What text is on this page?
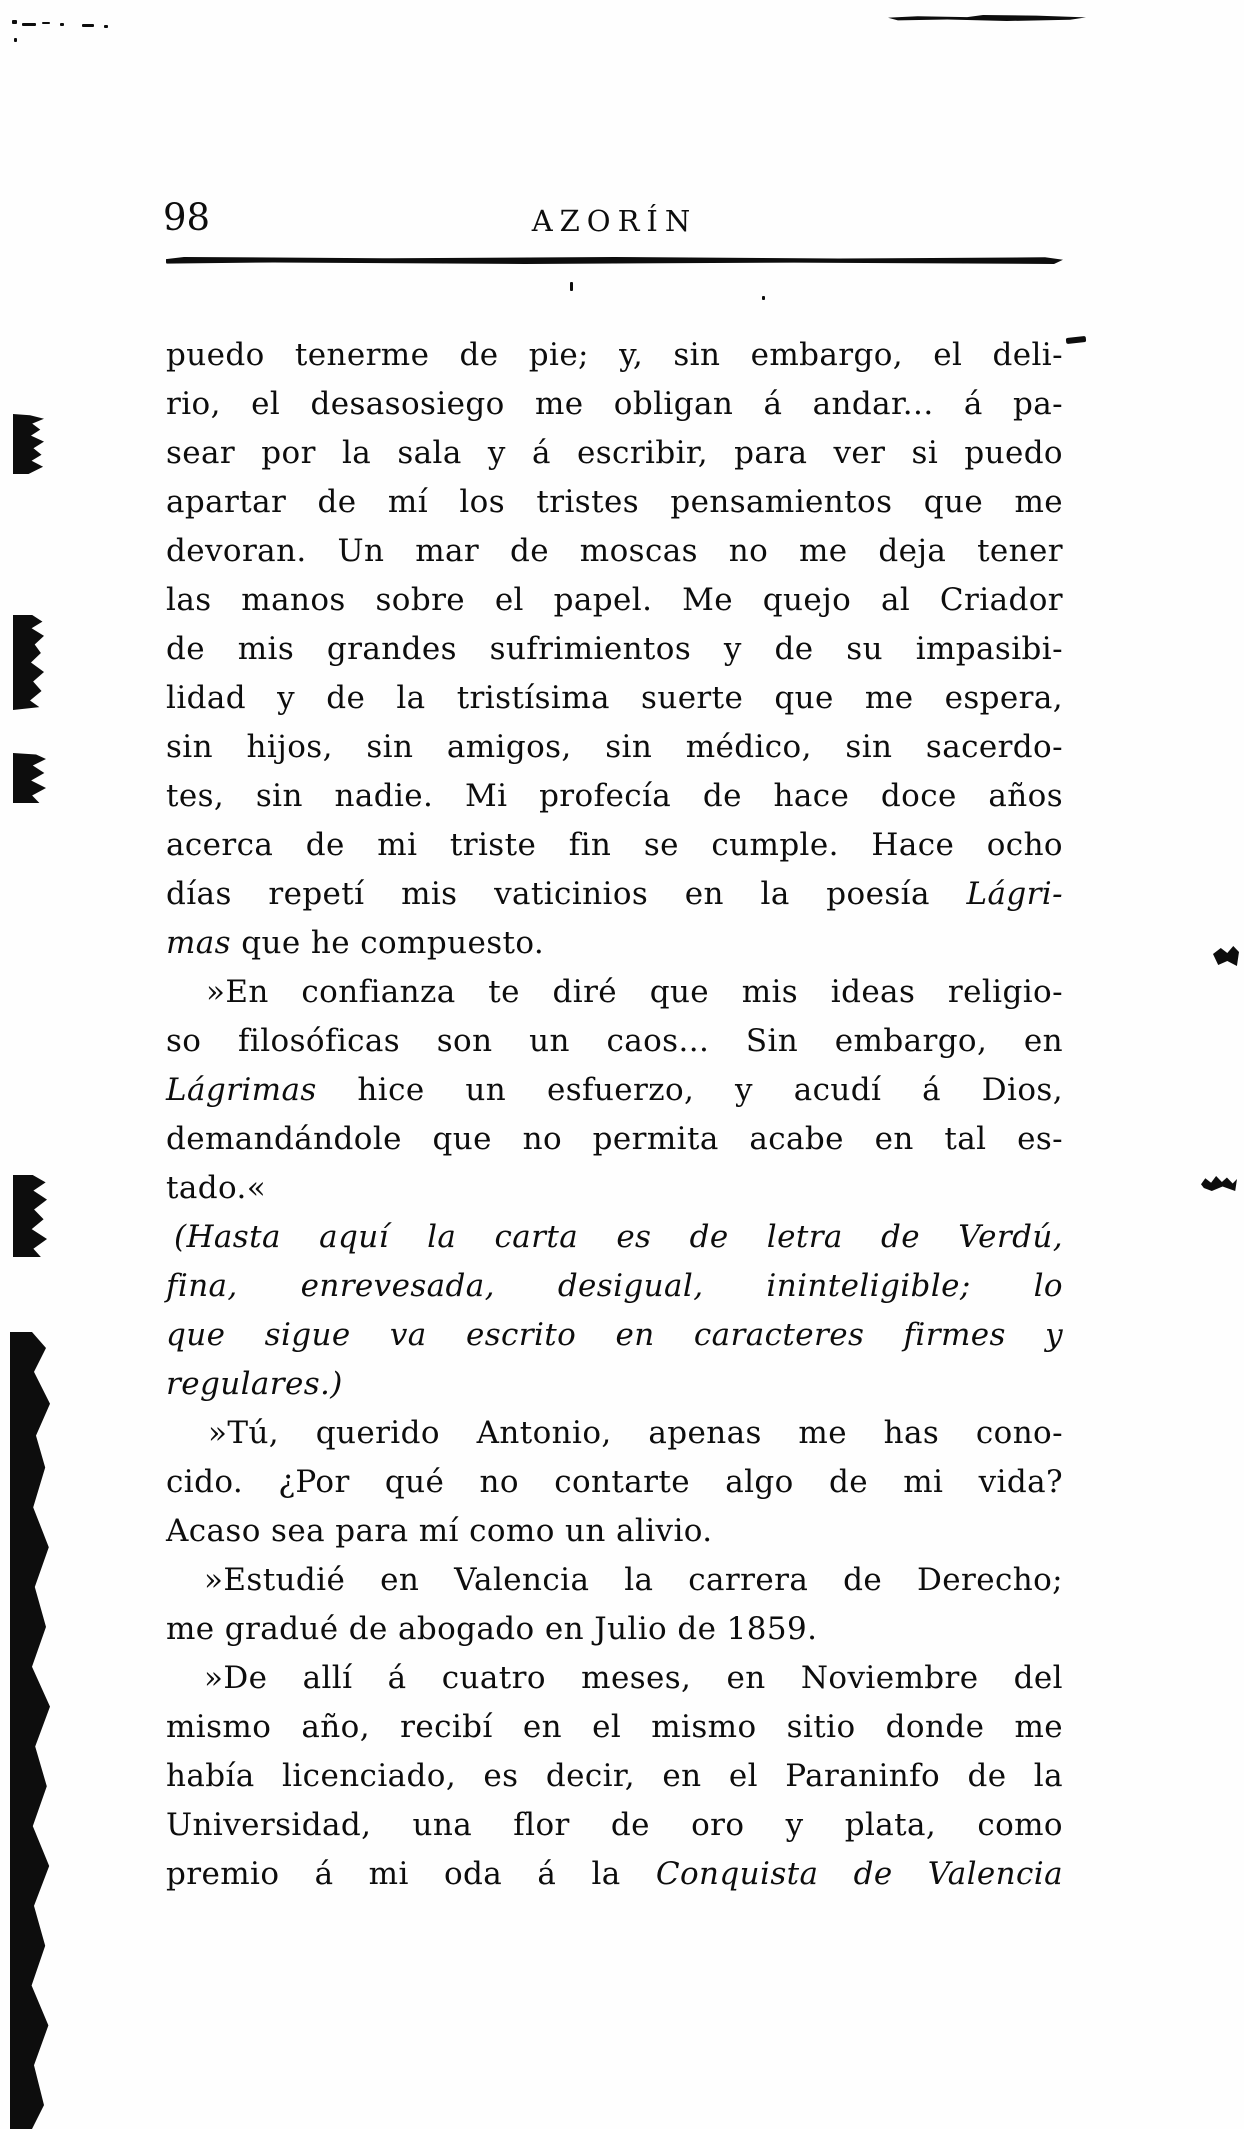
98	AZORÍN
puedo tenerme de pie; y, sin embargo, el deli-
rio, el desasosiego me obligan á andar... á pa-
sear por la sala y á escribir, para ver si puedo
apartar de mí los tristes pensamientos que me
devoran. Un mar de moscas no me deja tener
las manos sobre el papel. Me quejo al Criador
de mis grandes sufrimientos y de su impasibi-
lidad y de la tristísima suerte que me espera,
sin hijos, sin amigos, sin médico, sin sacerdo-
tes, sin nadie. Mi profecía de hace doce años
acerca de mi triste fin se cumple. Hace ocho
días repetí mis vaticinios en la poesía Lágri-
mas que he compuesto.
»En confianza te diré que mis ideas religio-
so filosóficas son un caos... Sin embargo, en
Lágrimas hice un esfuerzo, y acudí á Dios,
demandándole que no permita acabe en tal es-
tado.«
(Hasta aquí la carta es de letra de Verdú,
fina, enrevesada, desigual, ininteligible; lo
que sigue va escrito en caracteres firmes y
regulares.)
»Tú, querido Antonio, apenas me has cono-
cido. ¿Por qué no contarte algo de mi vida?
Acaso sea para mí como un alivio.
»Estudié en Valencia la carrera de Derecho;
me gradué de abogado en Julio de 1859.
»De allí á cuatro meses, en Noviembre del
mismo año, recibí en el mismo sitio donde me
había licenciado, es decir, en el Paraninfo de la
Universidad, una flor de oro y plata, como
premio á mi oda á la Conquista de Valencia
